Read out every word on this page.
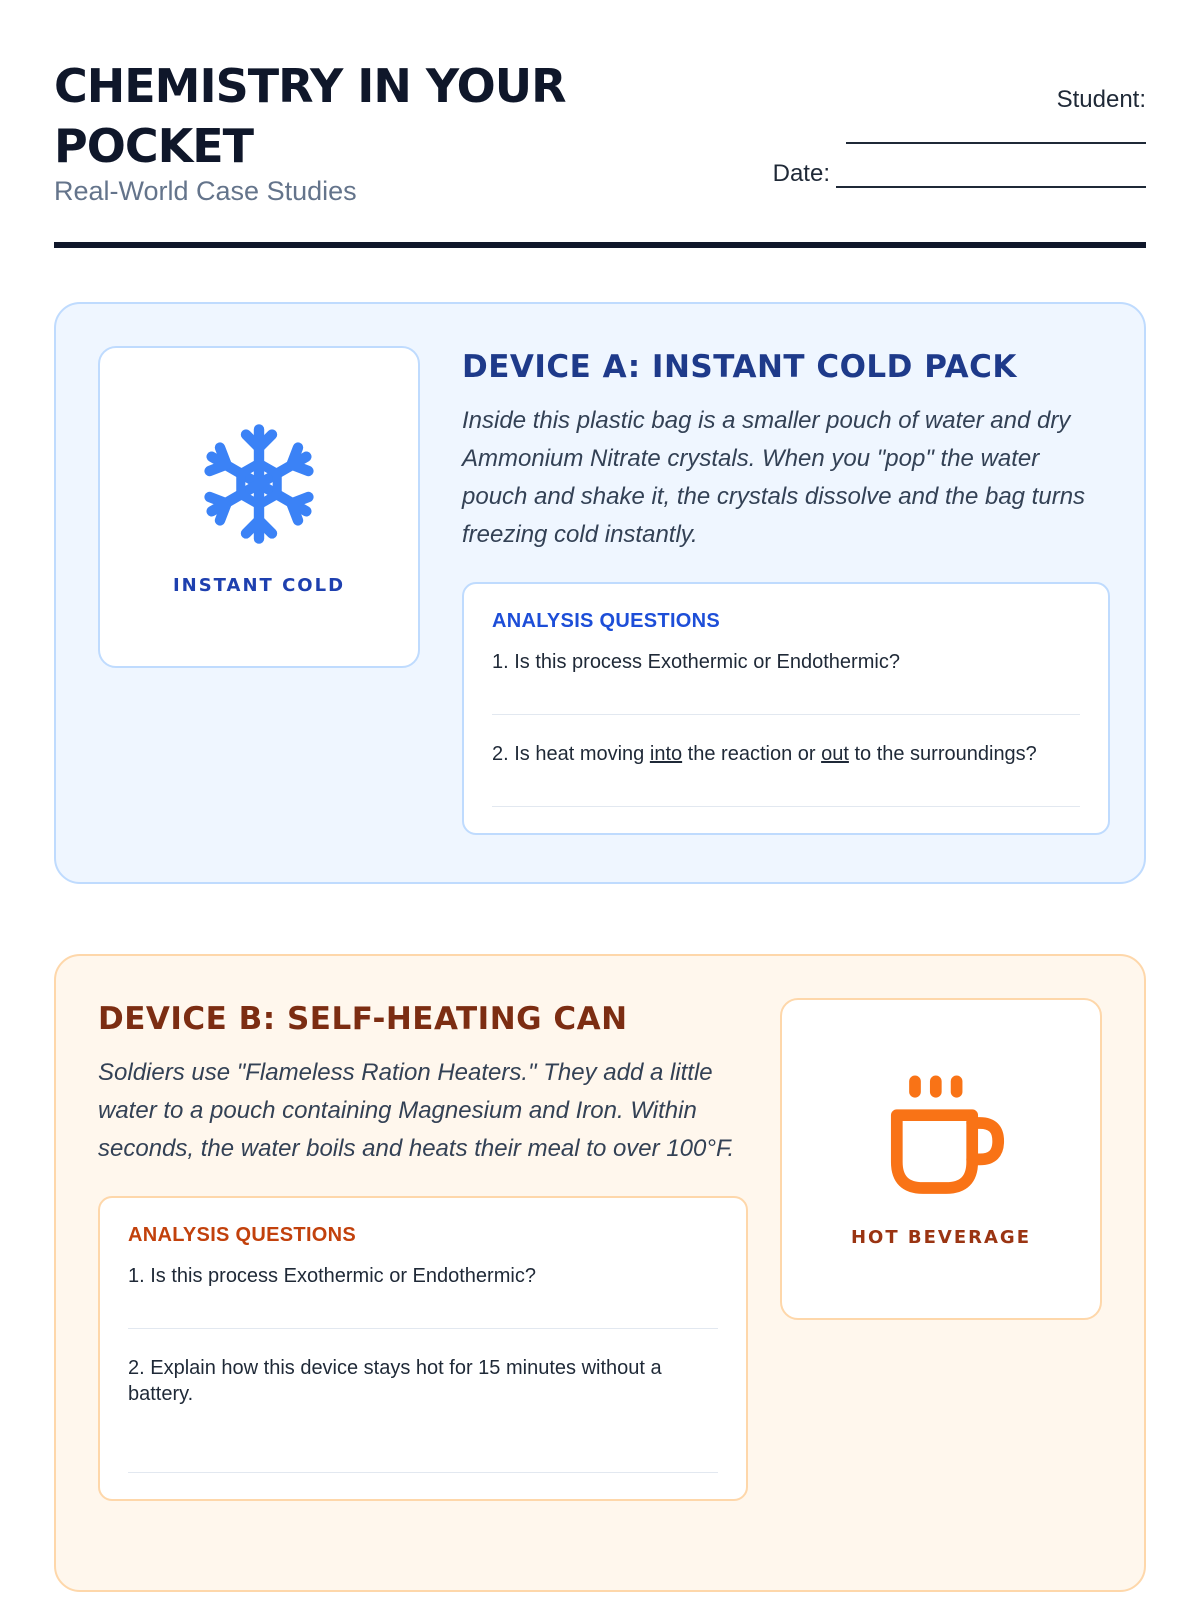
CHEMISTRY IN YOUR POCKET
Real-World Case Studies
Student:
Date:
INSTANT COLD
DEVICE A: INSTANT COLD PACK
Inside this plastic bag is a smaller pouch of water and dry Ammonium Nitrate crystals. When you "pop" the water pouch and shake it, the crystals dissolve and the bag turns freezing cold instantly.
ANALYSIS QUESTIONS
1. Is this process Exothermic or Endothermic?
2. Is heat moving into the reaction or out to the surroundings?
DEVICE B: SELF-HEATING CAN
Soldiers use "Flameless Ration Heaters." They add a little water to a pouch containing Magnesium and Iron. Within seconds, the water boils and heats their meal to over 100°F.
ANALYSIS QUESTIONS
1. Is this process Exothermic or Endothermic?
2. Explain how this device stays hot for 15 minutes without a battery.
HOT BEVERAGE
